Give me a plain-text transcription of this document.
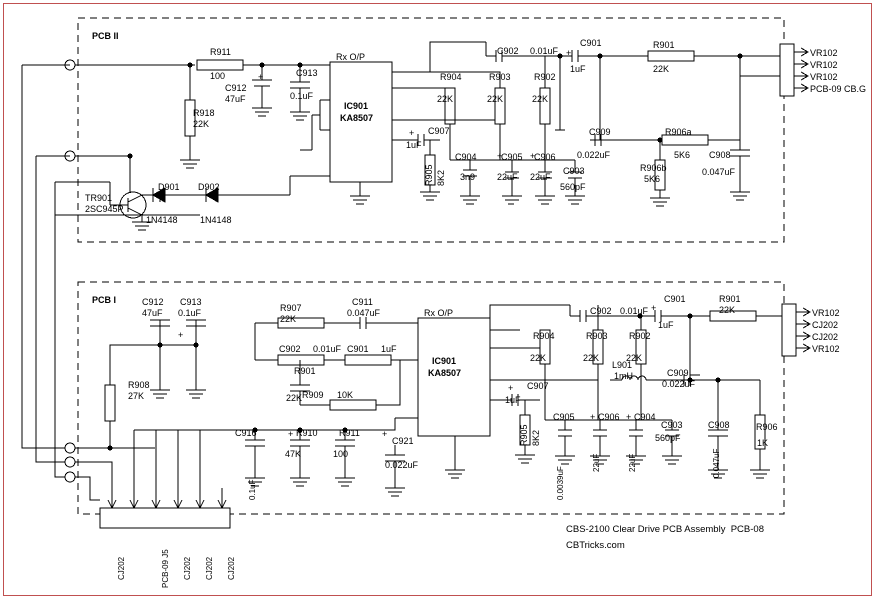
PCB II
R911
100
R918
22K
C912
47uF
+	C913
0.1uF
IC901
KA8507
Rx O/P
C902 0.01uF
C901
1uF
+
R901
22K
R904
22K
R903
22K
R902
22K
C907
1uF
+
R905 8K2
C904
3n9
C905
22uF
+	C906
22uF
+
C903
560pF
C909
0.022uF
R906a
5K6
R906b
5K6
C908
0.047uF
TR901
2SC945P
D901
1N4148
D902
1N4148
VR102
VR102
VR102
PCB-09 CB.G
PCB I	C912
47uF
C913
0.1uF
+
R907
22K
C911
0.047uF
C902 0.01uF C901 1uF
R901
22K R909 10K
R908
27K
C916
0.1uF
R910
47K
+	R911
100
+
C921
0.022uF
IC901
KA8507
Rx O/P
R904
22K
R903
22K
R902
22K
C902 0.01uF
C901
1uF
+
R901
22K
C907
1uF
+
R905 8K2
0.0039uF
C905
22uF
C906
+
22uF
C904
+
L901
1mH
C903
560pF
C909
0.022uF
C908
0.047uF
R906
1K
VR102
CJ202
CJ202
VR102
CJ202	PCB-09 J5 CJ202 CJ202 CJ202
CBS-2100 Clear Drive PCB Assembly  PCB-08
CBTricks.com
